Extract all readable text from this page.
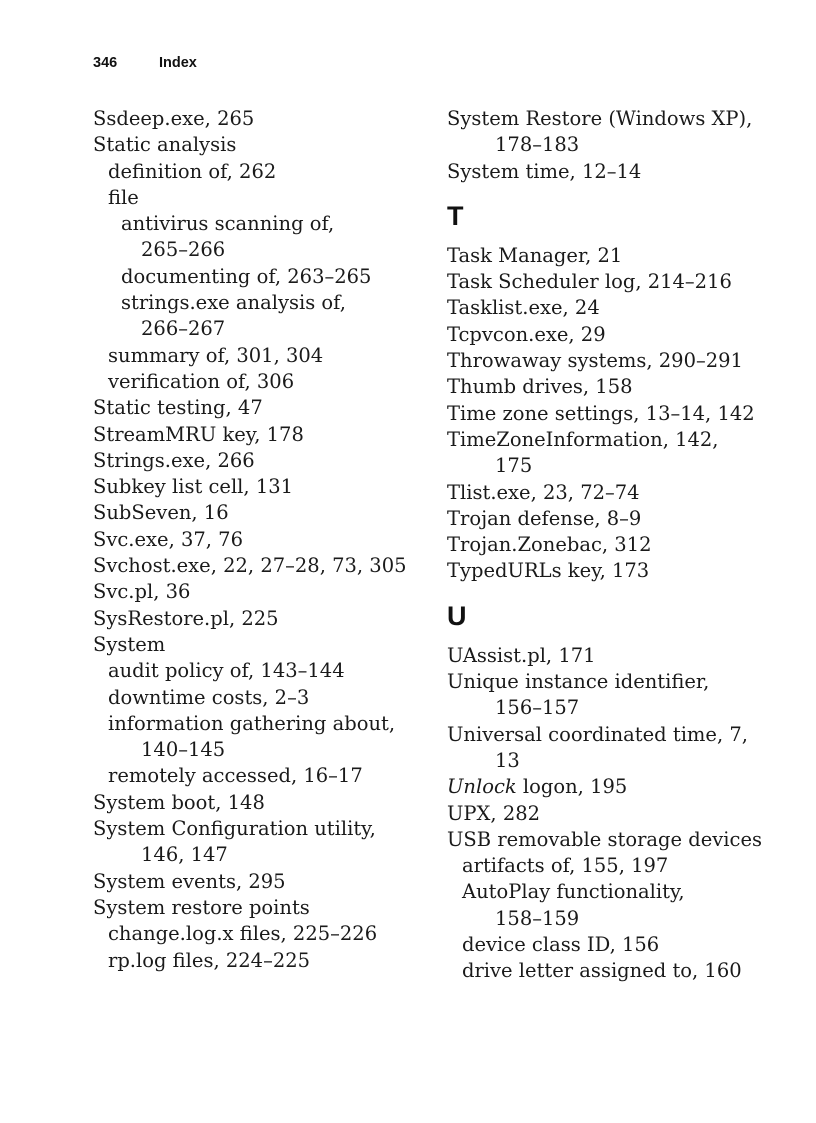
346	Index
Ssdeep.exe, 265
Static analysis
definition of, 262
file
antivirus scanning of,
265–266
documenting of, 263–265
strings.exe analysis of,
266–267
summary of, 301, 304
verification of, 306
Static testing, 47
StreamMRU key, 178
Strings.exe, 266
Subkey list cell, 131
SubSeven, 16
Svc.exe, 37, 76
Svchost.exe, 22, 27–28, 73, 305
Svc.pl, 36
SysRestore.pl, 225
System
audit policy of, 143–144
downtime costs, 2–3
information gathering about,
140–145
remotely accessed, 16–17
System boot, 148
System Configuration utility,
146, 147
System events, 295
System restore points
change.log.x files, 225–226
rp.log files, 224–225
System Restore (Windows XP),
178–183
System time, 12–14
T
Task Manager, 21
Task Scheduler log, 214–216
Tasklist.exe, 24
Tcpvcon.exe, 29
Throwaway systems, 290–291
Thumb drives, 158
Time zone settings, 13–14, 142
TimeZoneInformation, 142,
175
Tlist.exe, 23, 72–74
Trojan defense, 8–9
Trojan.Zonebac, 312
TypedURLs key, 173
U
UAssist.pl, 171
Unique instance identifier,
156–157
Universal coordinated time, 7,
13
Unlock logon, 195
UPX, 282
USB removable storage devices
artifacts of, 155, 197
AutoPlay functionality,
158–159
device class ID, 156
drive letter assigned to, 160
